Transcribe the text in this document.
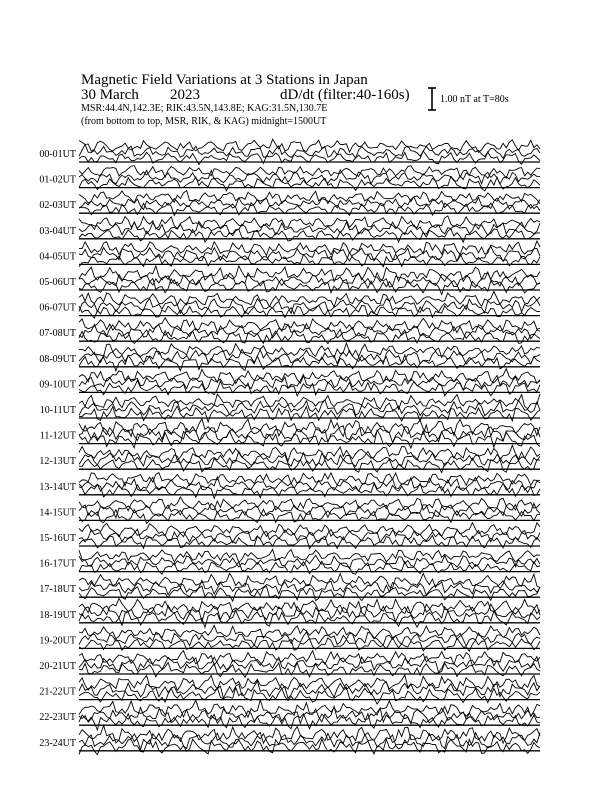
00-01UT
01-02UT
02-03UT
03-04UT
04-05UT
05-06UT
06-07UT
07-08UT
08-09UT
09-10UT
10-11UT
11-12UT
12-13UT
13-14UT
14-15UT
15-16UT
16-17UT
17-18UT
18-19UT
19-20UT
20-21UT
21-22UT
22-23UT
23-24UT
Magnetic Field Variations at 3 Stations in Japan
30 March 2023	dD/dt (filter:40-160s)
MSR:44.4N,142.3E; RIK:43.5N,143.8E; KAG:31.5N,130.7E
(from bottom to top, MSR, RIK, & KAG) midnight=1500UT
1.00 nT at T=80s
